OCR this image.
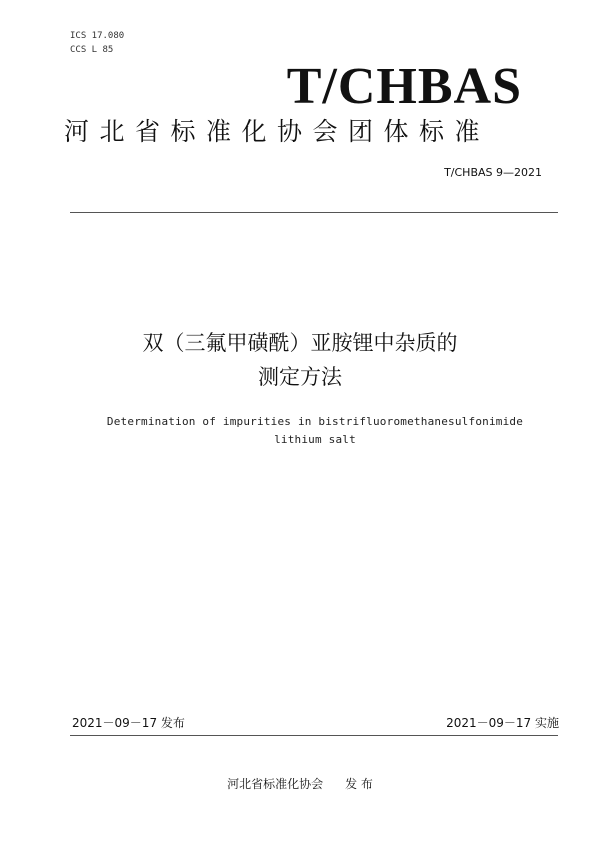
ICS 17.080
CCS L 85
T/CHBAS
河北省标准化协会团体标准
T/CHBAS 9—2021
双（三氟甲磺酰）亚胺锂中杂质的
测定方法
Determination of impurities in bistrifluoromethanesulfonimide
lithium salt
2021－09－17 发布	2021－09－17 实施
河北省标准化协会 发 布
